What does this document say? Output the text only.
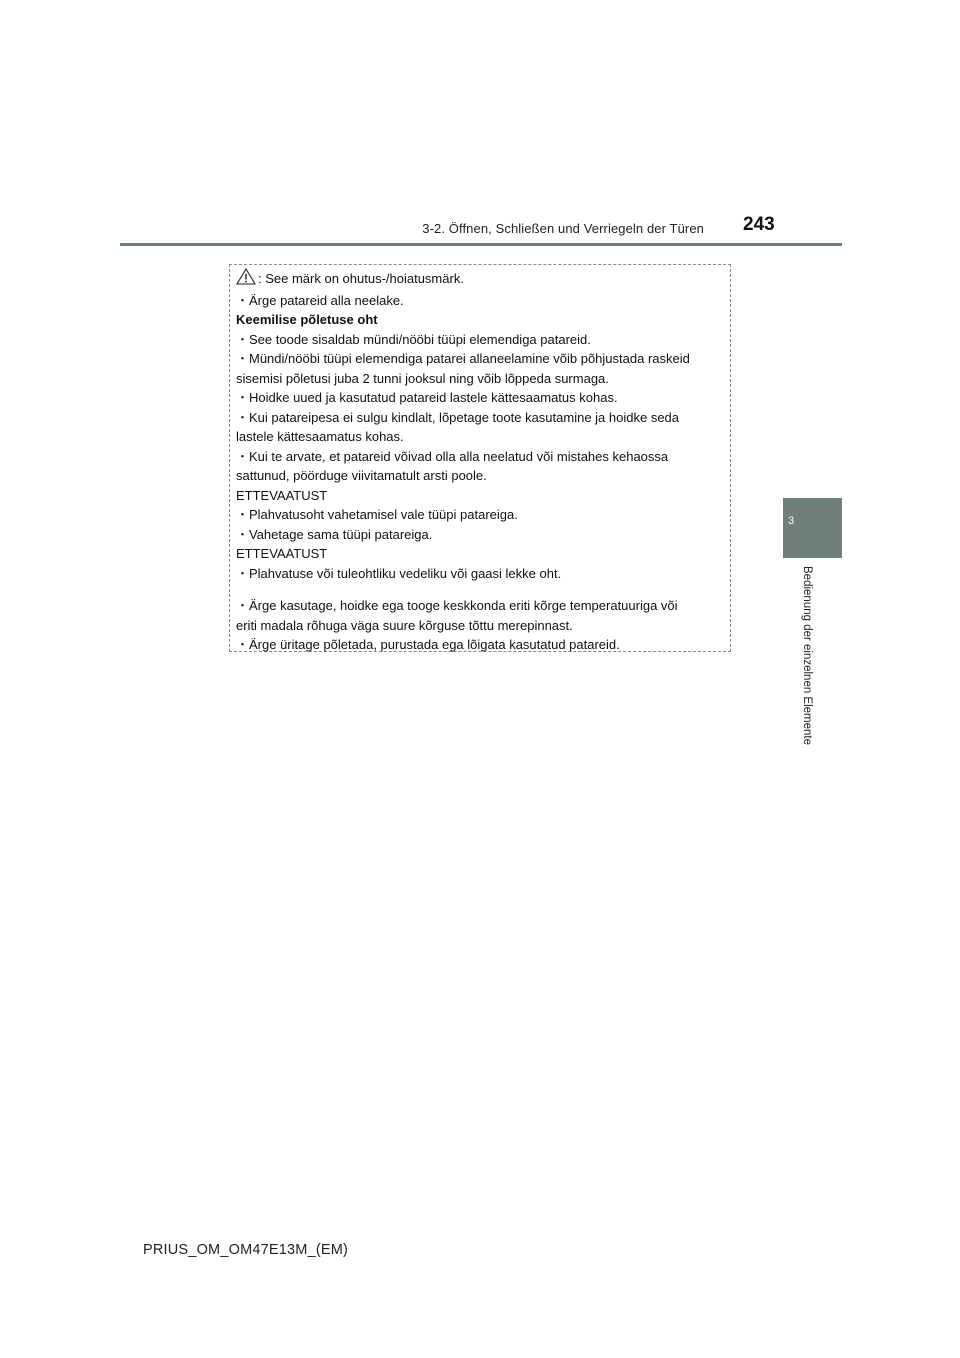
3-2. Öffnen, Schließen und Verriegeln der Türen 243
3
Bedienung der einzelnen Elemente
: See märk on ohutus-/hoiatusmärk.
・Ärge patareid alla neelake.
Keemilise põletuse oht
・See toode sisaldab mündi/nööbi tüüpi elemendiga patareid.
・Mündi/nööbi tüüpi elemendiga patarei allaneelamine võib põhjustada raskeid
sisemisi põletusi juba 2 tunni jooksul ning võib lõppeda surmaga.
・Hoidke uued ja kasutatud patareid lastele kättesaamatus kohas.
・Kui patareipesa ei sulgu kindlalt, lõpetage toote kasutamine ja hoidke seda
lastele kättesaamatus kohas.
・Kui te arvate, et patareid võivad olla alla neelatud või mistahes kehaossa
sattunud, pöörduge viivitamatult arsti poole.
ETTEVAATUST
・Plahvatusoht vahetamisel vale tüüpi patareiga.
・Vahetage sama tüüpi patareiga.
ETTEVAATUST
・Plahvatuse või tuleohtliku vedeliku või gaasi lekke oht.
・Ärge kasutage, hoidke ega tooge keskkonda eriti kõrge temperatuuriga või
eriti madala rõhuga väga suure kõrguse tõttu merepinnast.
・Ärge üritage põletada, purustada ega lõigata kasutatud patareid.
PRIUS_OM_OM47E13M_(EM)
